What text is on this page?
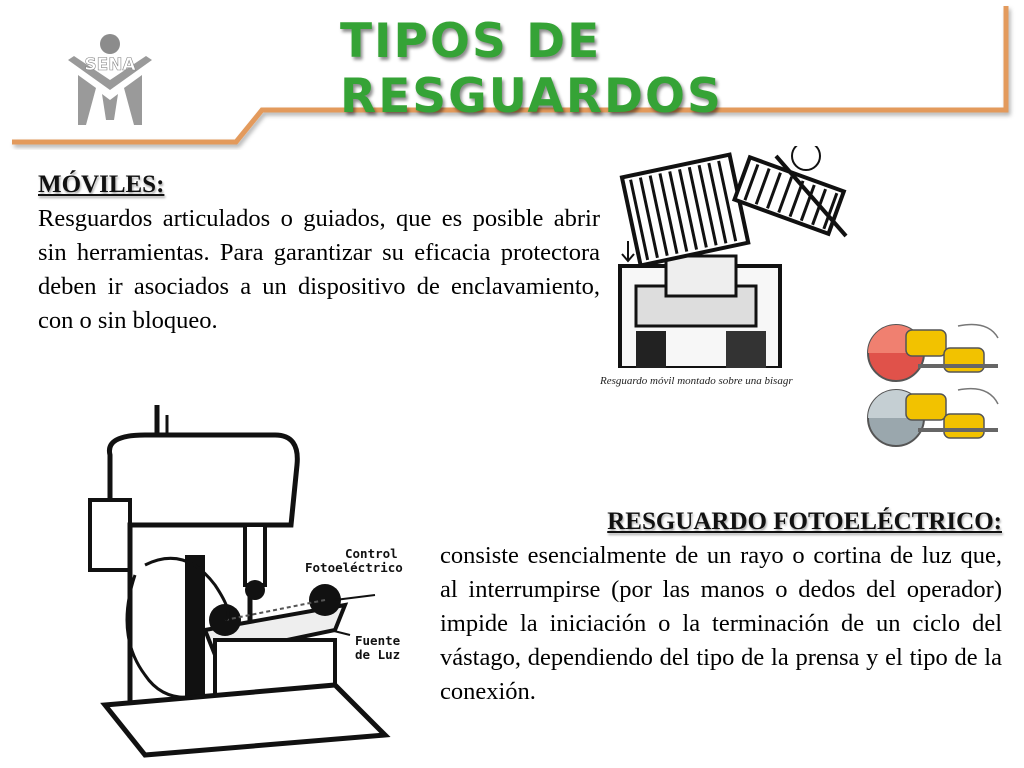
SENA	TIPOS DE RESGUARDOS
MÓVILES:
Resguardos articulados o guiados, que es posible abrir sin herramientas. Para garantizar su eficacia protectora deben ir asociados a un dispositivo de enclavamiento, con o sin bloqueo.
Resguardo móvil montado sobre una bisagr
Control
Fotoeléctrico
Fuente
de Luz
RESGUARDO FOTOELÉCTRICO:
consiste esencialmente de un rayo o cortina de luz que, al interrumpirse (por las manos o dedos del operador) impide la iniciación o la terminación de un ciclo del vástago, dependiendo del tipo de la prensa y el tipo de la conexión.
